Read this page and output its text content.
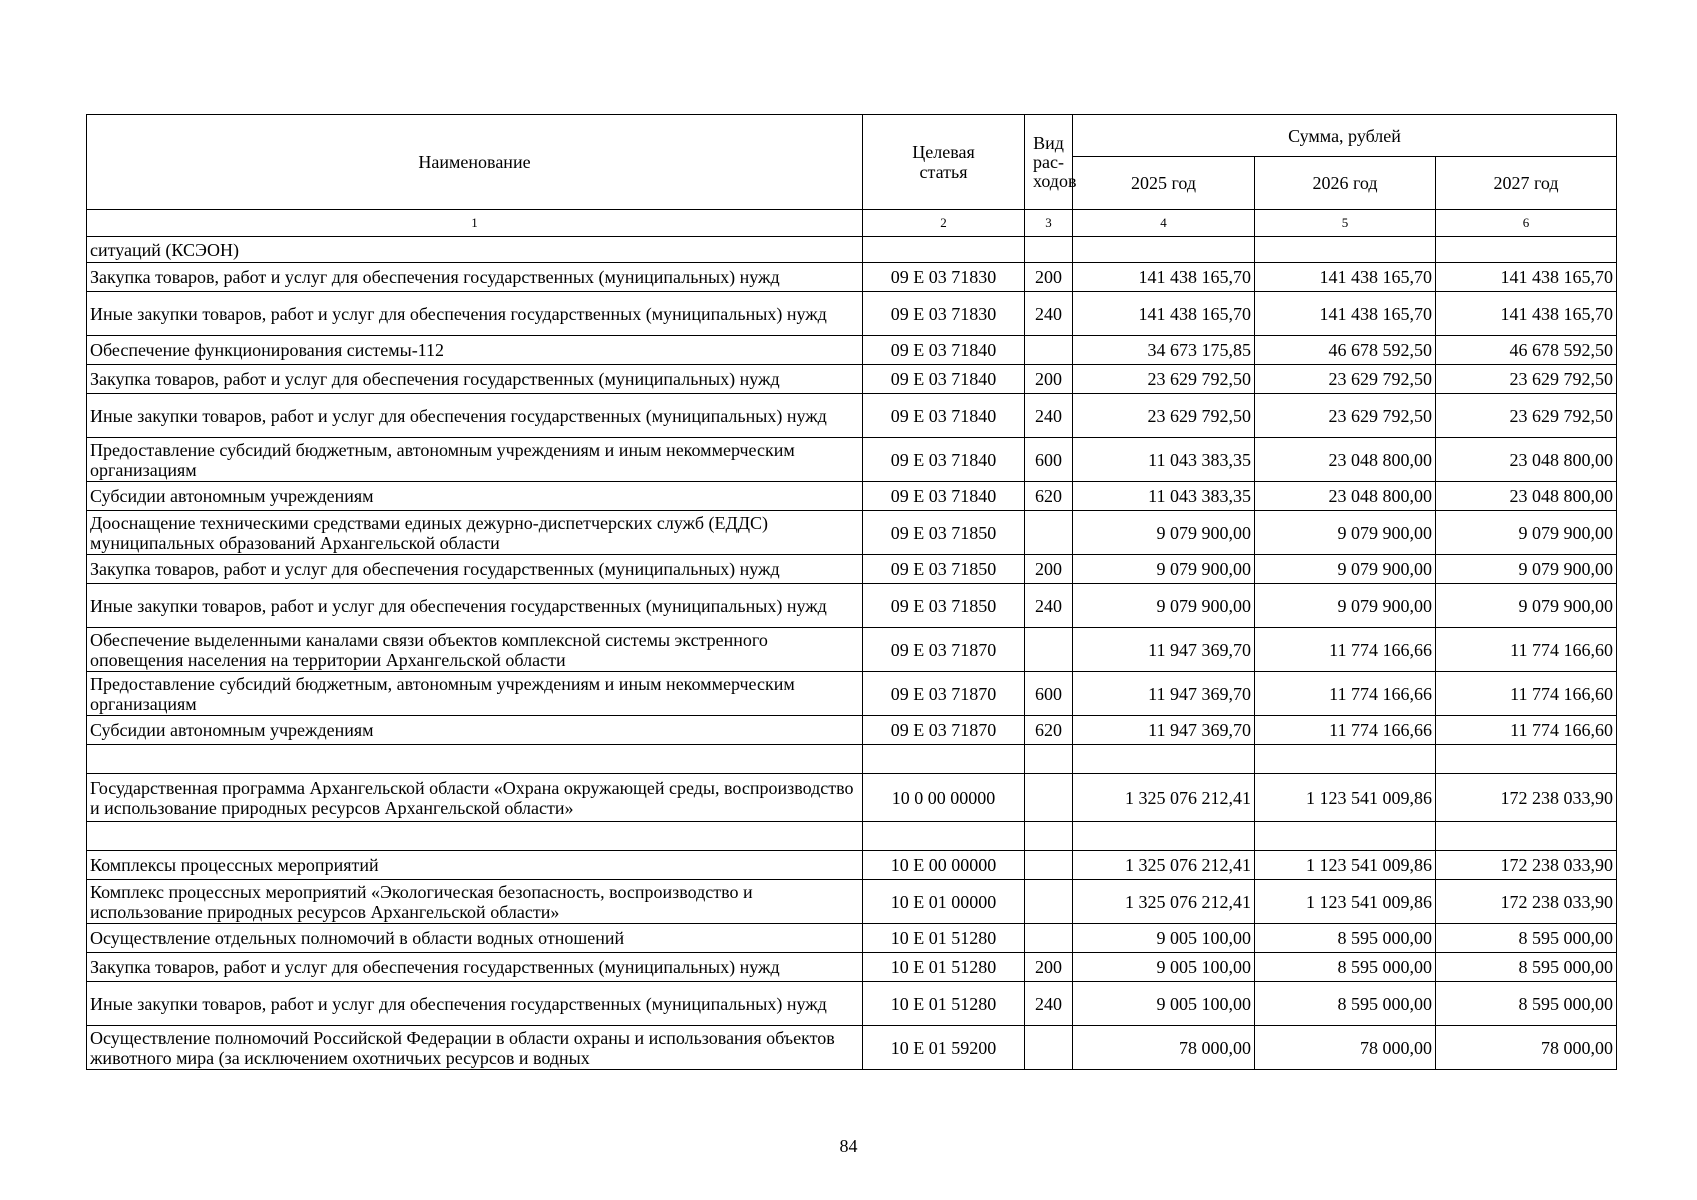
Наименование	Целевая статья	Вид рас-ходов	Сумма, рублей		
			2025 год	2026 год	2027 год
1	2	3	4	5	6
ситуаций (КСЭОН)					
Закупка товаров, работ и услуг для обеспечения государственных (муниципальных) нужд	09 Е 03 71830	200	141 438 165,70	141 438 165,70	141 438 165,70
Иные закупки товаров, работ и услуг для обеспечения государственных (муниципальных) нужд	09 Е 03 71830	240	141 438 165,70	141 438 165,70	141 438 165,70
Обеспечение функционирования системы-112	09 Е 03 71840		34 673 175,85	46 678 592,50	46 678 592,50
Закупка товаров, работ и услуг для обеспечения государственных (муниципальных) нужд	09 Е 03 71840	200	23 629 792,50	23 629 792,50	23 629 792,50
Иные закупки товаров, работ и услуг для обеспечения государственных (муниципальных) нужд	09 Е 03 71840	240	23 629 792,50	23 629 792,50	23 629 792,50
Предоставление субсидий бюджетным, автономным учреждениям и иным некоммерческим организациям	09 Е 03 71840	600	11 043 383,35	23 048 800,00	23 048 800,00
Субсидии автономным учреждениям	09 Е 03 71840	620	11 043 383,35	23 048 800,00	23 048 800,00
Дооснащение техническими средствами единых дежурно-диспетчерских служб (ЕДДС) муниципальных образований Архангельской области	09 Е 03 71850		9 079 900,00	9 079 900,00	9 079 900,00
Закупка товаров, работ и услуг для обеспечения государственных (муниципальных) нужд	09 Е 03 71850	200	9 079 900,00	9 079 900,00	9 079 900,00
Иные закупки товаров, работ и услуг для обеспечения государственных (муниципальных) нужд	09 Е 03 71850	240	9 079 900,00	9 079 900,00	9 079 900,00
Обеспечение выделенными каналами связи объектов комплексной системы экстренного оповещения населения на территории Архангельской области	09 Е 03 71870		11 947 369,70	11 774 166,66	11 774 166,60
Предоставление субсидий бюджетным, автономным учреждениям и иным некоммерческим организациям	09 Е 03 71870	600	11 947 369,70	11 774 166,66	11 774 166,60
Субсидии автономным учреждениям	09 Е 03 71870	620	11 947 369,70	11 774 166,66	11 774 166,60

Государственная программа Архангельской области «Охрана окружающей среды, воспроизводство и использование природных ресурсов Архангельской области»	10 0 00 00000		1 325 076 212,41	1 123 541 009,86	172 238 033,90

Комплексы процессных мероприятий	10 Е 00 00000		1 325 076 212,41	1 123 541 009,86	172 238 033,90
Комплекс процессных мероприятий «Экологическая безопасность, воспроизводство и использование природных ресурсов Архангельской области»	10 Е 01 00000		1 325 076 212,41	1 123 541 009,86	172 238 033,90
Осуществление отдельных полномочий в области водных отношений	10 Е 01 51280		9 005 100,00	8 595 000,00	8 595 000,00
Закупка товаров, работ и услуг для обеспечения государственных (муниципальных) нужд	10 Е 01 51280	200	9 005 100,00	8 595 000,00	8 595 000,00
Иные закупки товаров, работ и услуг для обеспечения государственных (муниципальных) нужд	10 Е 01 51280	240	9 005 100,00	8 595 000,00	8 595 000,00
Осуществление полномочий Российской Федерации в области охраны и использования объектов животного мира (за исключением охотничьих ресурсов и водных	10 Е 01 59200		78 000,00	78 000,00	78 000,00
84
